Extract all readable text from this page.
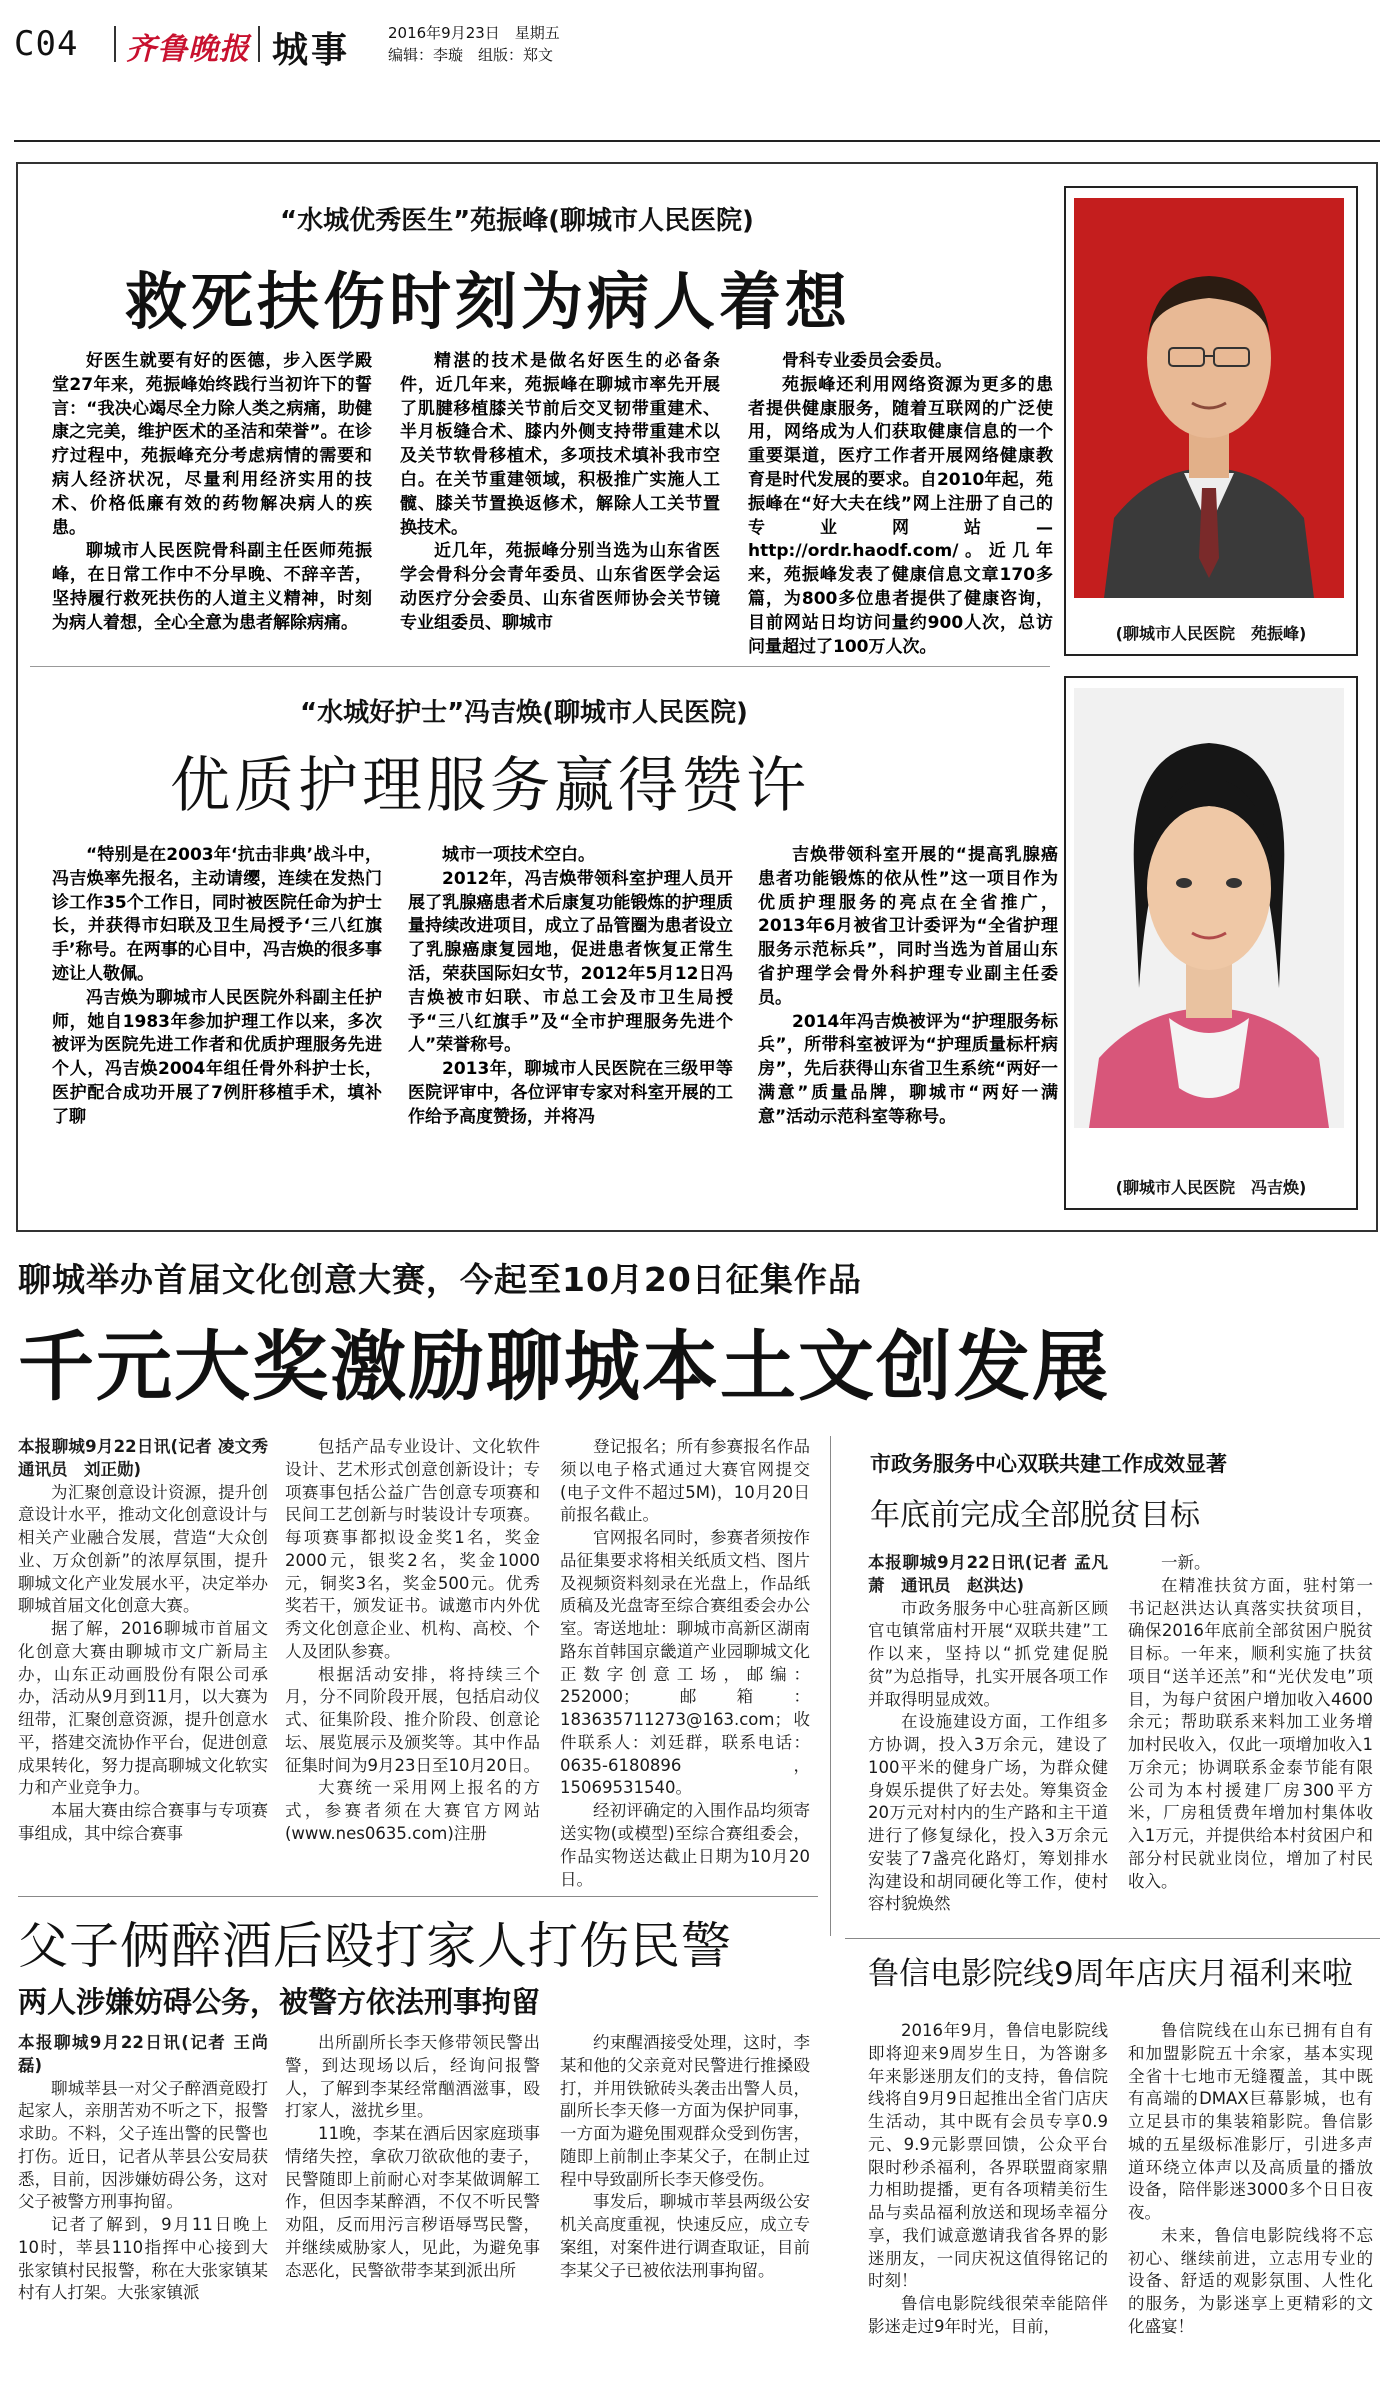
C04 齐鲁晚报 城事	2016年9月23日　星期五
编辑：李璇　组版：郑文
“水城优秀医生”苑振峰(聊城市人民医院)
救死扶伤时刻为病人着想

好医生就要有好的医德，步入医学殿堂27年来，苑振峰始终践行当初许下的誓言：“我决心竭尽全力除人类之病痛，助健康之完美，维护医术的圣洁和荣誉”。在诊疗过程中，苑振峰充分考虑病情的需要和病人经济状况，尽量利用经济实用的技术、价格低廉有效的药物解决病人的疾患。

聊城市人民医院骨科副主任医师苑振峰，在日常工作中不分早晚、不辞辛苦，坚持履行救死扶伤的人道主义精神，时刻为病人着想，全心全意为患者解除病痛。

精湛的技术是做名好医生的必备条件，近几年来，苑振峰在聊城市率先开展了肌腱移植膝关节前后交叉韧带重建术、半月板缝合术、膝内外侧支持带重建术以及关节软骨移植术，多项技术填补我市空白。在关节重建领域，积极推广实施人工髋、膝关节置换返修术，解除人工关节置换技术。

近几年，苑振峰分别当选为山东省医学会骨科分会青年委员、山东省医学会运动医疗分会委员、山东省医师协会关节镜专业组委员、聊城市

骨科专业委员会委员。

苑振峰还利用网络资源为更多的患者提供健康服务，随着互联网的广泛使用，网络成为人们获取健康信息的一个重要渠道，医疗工作者开展网络健康教育是时代发展的要求。自2010年起，苑振峰在“好大夫在线”网上注册了自己的专业网站—http://ordr.haodf.com/。近几年来，苑振峰发表了健康信息文章170多篇，为800多位患者提供了健康咨询，目前网站日均访问量约900人次，总访问量超过了100万人次。

(聊城市人民医院　苑振峰)
“水城好护士”冯吉焕(聊城市人民医院)
优质护理服务赢得赞许

“特别是在2003年‘抗击非典’战斗中，冯吉焕率先报名，主动请缨，连续在发热门诊工作35个工作日，同时被医院任命为护士长，并获得市妇联及卫生局授予‘三八红旗手’称号。在两事的心目中，冯吉焕的很多事迹让人敬佩。

冯吉焕为聊城市人民医院外科副主任护师，她自1983年参加护理工作以来，多次被评为医院先进工作者和优质护理服务先进个人，冯吉焕2004年组任骨外科护士长，医护配合成功开展了7例肝移植手术，填补了聊

城市一项技术空白。

2012年，冯吉焕带领科室护理人员开展了乳腺癌患者术后康复功能锻炼的护理质量持续改进项目，成立了品管圈为患者设立了乳腺癌康复园地，促进患者恢复正常生活，荣获国际妇女节，2012年5月12日冯吉焕被市妇联、市总工会及市卫生局授予“三八红旗手”及“全市护理服务先进个人”荣誉称号。

2013年，聊城市人民医院在三级甲等医院评审中，各位评审专家对科室开展的工作给予高度赞扬，并将冯

吉焕带领科室开展的“提高乳腺癌患者功能锻炼的依从性”这一项目作为优质护理服务的亮点在全省推广，2013年6月被省卫计委评为“全省护理服务示范标兵”，同时当选为首届山东省护理学会骨外科护理专业副主任委员。

2014年冯吉焕被评为“护理服务标兵”，所带科室被评为“护理质量标杆病房”，先后获得山东省卫生系统“两好一满意”质量品牌，聊城市“两好一满意”活动示范科室等称号。

(聊城市人民医院　冯吉焕)
聊城举办首届文化创意大赛，今起至10月20日征集作品
千元大奖激励聊城本土文创发展

本报聊城9月22日讯(记者 凌文秀　通讯员　刘正勋)

为汇聚创意设计资源，提升创意设计水平，推动文化创意设计与相关产业融合发展，营造“大众创业、万众创新”的浓厚氛围，提升聊城文化产业发展水平，决定举办聊城首届文化创意大赛。

据了解，2016聊城市首届文化创意大赛由聊城市文广新局主办，山东正动画股份有限公司承办，活动从9月到11月，以大赛为纽带，汇聚创意资源，提升创意水平，搭建交流协作平台，促进创意成果转化，努力提高聊城文化软实力和产业竞争力。

本届大赛由综合赛事与专项赛事组成，其中综合赛事

包括产品专业设计、文化软件设计、艺术形式创意创新设计；专项赛事包括公益广告创意专项赛和民间工艺创新与时装设计专项赛。每项赛事都拟设金奖1名，奖金2000元，银奖2名，奖金1000元，铜奖3名，奖金500元。优秀奖若干，颁发证书。诚邀市内外优秀文化创意企业、机构、高校、个人及团队参赛。

根据活动安排，将持续三个月，分不同阶段开展，包括启动仪式、征集阶段、推介阶段、创意论坛、展览展示及颁奖等。其中作品征集时间为9月23日至10月20日。

大赛统一采用网上报名的方式，参赛者须在大赛官方网站(www.nes0635.com)注册

登记报名；所有参赛报名作品须以电子格式通过大赛官网提交(电子文件不超过5M)，10月20日前报名截止。

官网报名同时，参赛者须按作品征集要求将相关纸质文档、图片及视频资料刻录在光盘上，作品纸质稿及光盘寄至综合赛组委会办公室。寄送地址：聊城市高新区湖南路东首韩国京畿道产业园聊城文化正数字创意工场，邮编：252000；邮箱：183635711273@163.com；收件联系人：刘廷群，联系电话：0635-6180896，15069531540。

经初评确定的入围作品均须寄送实物(或模型)至综合赛组委会，作品实物送达截止日期为10月20日。

市政务服务中心双联共建工作成效显著
年底前完成全部脱贫目标

本报聊城9月22日讯(记者 孟凡萧　通讯员　赵洪达)

市政务服务中心驻高新区顾官屯镇常庙村开展“双联共建”工作以来，坚持以“抓党建促脱贫”为总指导，扎实开展各项工作并取得明显成效。

在设施建设方面，工作组多方协调，投入3万余元，建设了100平米的健身广场，为群众健身娱乐提供了好去处。筹集资金20万元对村内的生产路和主干道进行了修复绿化，投入3万余元安装了7盏亮化路灯，筹划排水沟建设和胡同硬化等工作，使村容村貌焕然

一新。

在精准扶贫方面，驻村第一书记赵洪达认真落实扶贫项目，确保2016年底前全部贫困户脱贫目标。一年来，顺利实施了扶贫项目“送羊还羔”和“光伏发电”项目，为每户贫困户增加收入4600余元；帮助联系来料加工业务增加村民收入，仅此一项增加收入1万余元；协调联系金泰节能有限公司为本村援建厂房300平方米，厂房租赁费年增加村集体收入1万元，并提供给本村贫困户和部分村民就业岗位，增加了村民收入。

父子俩醉酒后殴打家人打伤民警
两人涉嫌妨碍公务，被警方依法刑事拘留

本报聊城9月22日讯(记者 王尚磊)

聊城莘县一对父子醉酒竟殴打起家人，亲朋苦劝不听之下，报警求助。不料，父子连出警的民警也打伤。近日，记者从莘县公安局获悉，目前，因涉嫌妨碍公务，这对父子被警方刑事拘留。

记者了解到，9月11日晚上10时，莘县110指挥中心接到大张家镇村民报警，称在大张家镇某村有人打架。大张家镇派

出所副所长李天修带领民警出警，到达现场以后，经询问报警人，了解到李某经常酗酒滋事，殴打家人，滋扰乡里。

11晚，李某在酒后因家庭琐事情绪失控，拿砍刀欲砍他的妻子，民警随即上前耐心对李某做调解工作，但因李某醉酒，不仅不听民警劝阻，反而用污言秽语辱骂民警，并继续威胁家人，见此，为避免事态恶化，民警欲带李某到派出所

约束醒酒接受处理，这时，李某和他的父亲竟对民警进行推搡殴打，并用铁锨砖头袭击出警人员，副所长李天修一方面为保护同事，一方面为避免围观群众受到伤害，随即上前制止李某父子，在制止过程中导致副所长李天修受伤。

事发后，聊城市莘县两级公安机关高度重视，快速反应，成立专案组，对案件进行调查取证，目前李某父子已被依法刑事拘留。

鲁信电影院线9周年店庆月福利来啦

2016年9月，鲁信电影院线即将迎来9周岁生日，为答谢多年来影迷朋友们的支持，鲁信院线将自9月9日起推出全省门店庆生活动，其中既有会员专享0.9元、9.9元影票回馈，公众平台限时秒杀福利，各界联盟商家鼎力相助提播，更有各项精美衍生品与卖品福利放送和现场幸福分享，我们诚意邀请我省各界的影迷朋友，一同庆祝这值得铭记的时刻！

鲁信电影院线很荣幸能陪伴影迷走过9年时光，目前，

鲁信院线在山东已拥有自有和加盟影院五十余家，基本实现全省十七地市无缝覆盖，其中既有高端的DMAX巨幕影城，也有立足县市的集装箱影院。鲁信影城的五星级标准影厅，引进多声道环绕立体声以及高质量的播放设备，陪伴影迷3000多个日日夜夜。

未来，鲁信电影院线将不忘初心、继续前进，立志用专业的设备、舒适的观影氛围、人性化的服务，为影迷享上更精彩的文化盛宴！
